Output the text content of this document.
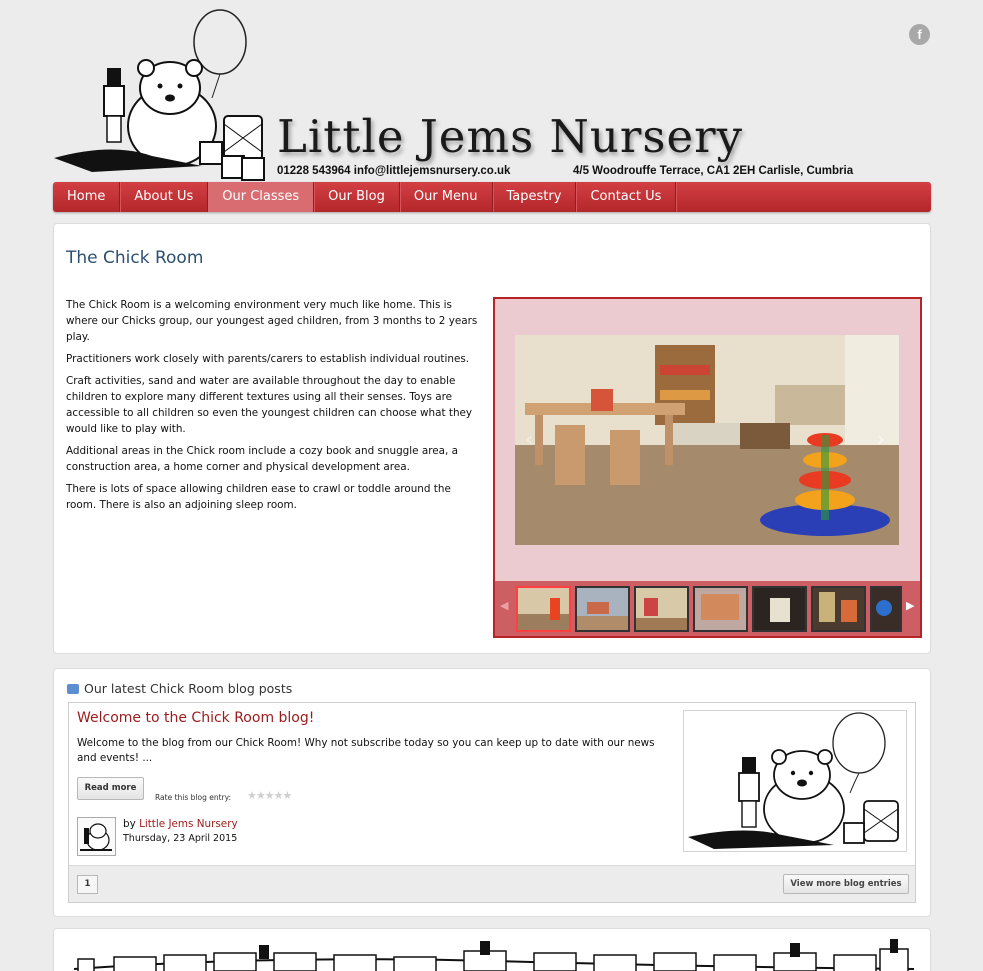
Little Jems Nursery
01228 543964 info@littlejemsnursery.co.uk	4/5 Woodrouffe Terrace, CA1 2EH Carlisle, Cumbria
f
Home	About Us	Our Classes	Our Blog	Our Menu	Tapestry	Contact Us
The Chick Room

The Chick Room is a welcoming environment very much like home. This is where our Chicks group, our youngest aged children, from 3 months to 2 years play.

Practitioners work closely with parents/carers to establish individual routines.

Craft activities, sand and water are available throughout the day to enable children to explore many different textures using all their senses. Toys are accessible to all children so even the youngest children can choose what they would like to play with.

Additional areas in the Chick room include a cozy book and snuggle area, a construction area, a home corner and physical development area.

There is lots of space allowing children ease to crawl or toddle around the room. There is also an adjoining sleep room.

‹	›
◀	▶
Our latest Chick Room blog posts
Welcome to the Chick Room blog!
Welcome to the blog from our Chick Room! Why not subscribe today so you can keep up to date with our news and events! ...
Read more
Rate this blog entry: ★★★★★
by Little Jems Nursery
Thursday, 23 April 2015
1	View more blog entries
